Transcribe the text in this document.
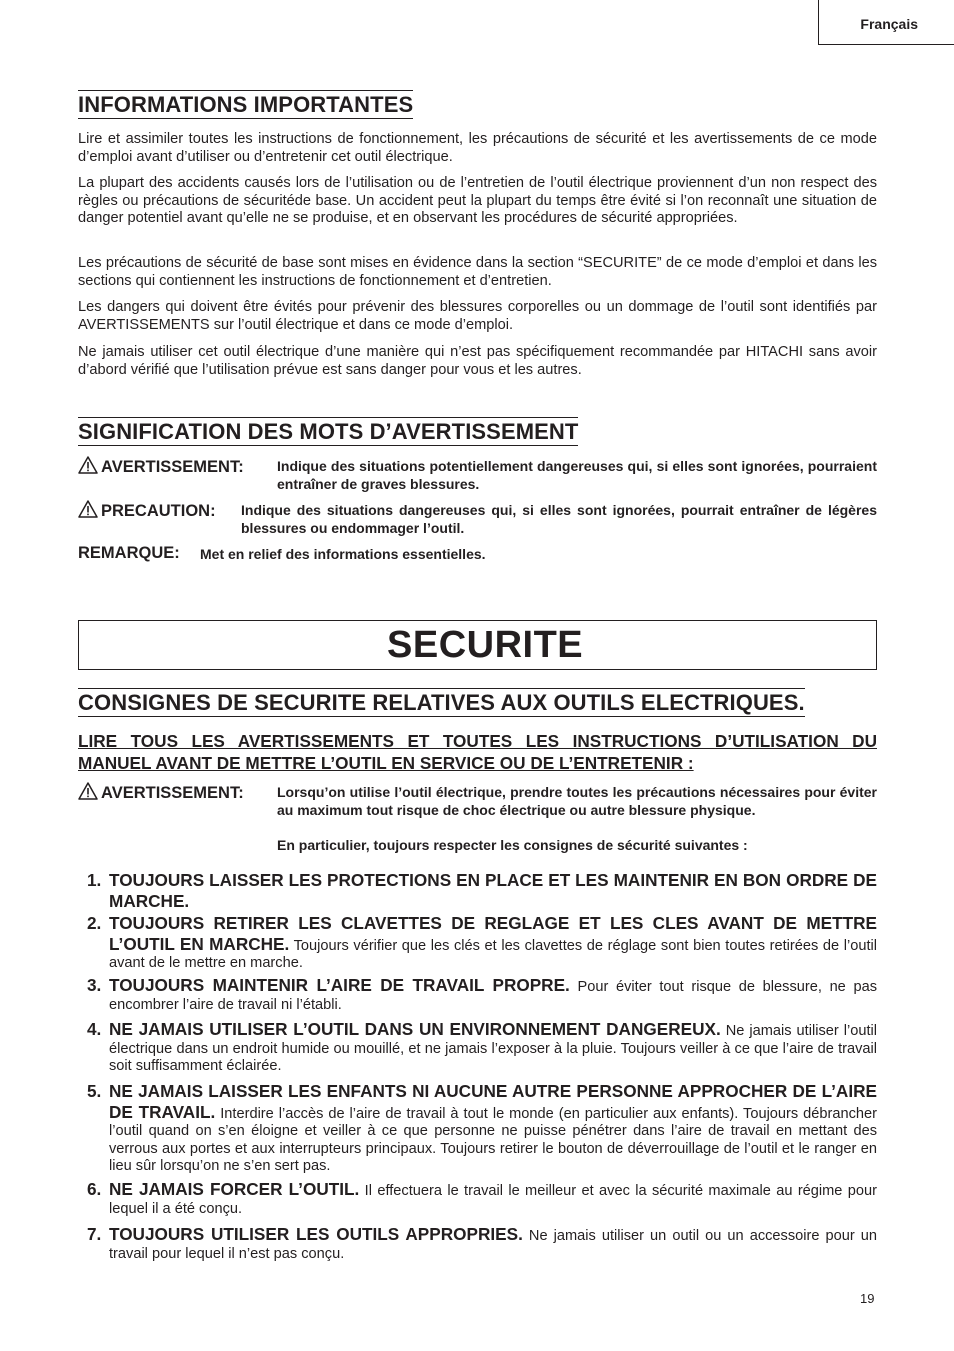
Français
INFORMATIONS IMPORTANTES
Lire et assimiler toutes les instructions de fonctionnement, les précautions de sécurité et les avertissements de ce mode d’emploi avant d’utiliser ou d’entretenir cet outil électrique.
La plupart des accidents causés lors de l’utilisation ou de l’entretien de l’outil électrique proviennent d’un non respect des règles ou précautions de sécuritéde base. Un accident peut la plupart du temps être évité si l’on reconnaît une situation de danger potentiel avant qu’elle ne se produise, et en observant les procédures de sécurité appropriées.
Les précautions de sécurité de base sont mises en évidence dans la section “SECURITE” de ce mode d’emploi et dans les sections qui contiennent les instructions de fonctionnement et d’entretien.
Les dangers qui doivent être évités pour prévenir des blessures corporelles ou un dommage de l’outil sont identifiés par AVERTISSEMENTS sur l’outil électrique et dans ce mode d’emploi.
Ne jamais utiliser cet outil électrique d’une manière qui n’est pas spécifiquement recommandée par HITACHI sans avoir d’abord vérifié que l’utilisation prévue est sans danger pour vous et les autres.
SIGNIFICATION DES MOTS D’AVERTISSEMENT
AVERTISSEMENT: Indique des situations potentiellement dangereuses qui, si elles sont ignorées, pourraient entraîner de graves blessures.
PRECAUTION: Indique des situations dangereuses qui, si elles sont ignorées, pourrait entraîner de légères blessures ou endommager l’outil.
REMARQUE: Met en relief des informations essentielles.
CONSIGNES DE SECURITE RELATIVES AUX OUTILS ELECTRIQUES.
LIRE TOUS LES AVERTISSEMENTS ET TOUTES LES INSTRUCTIONS D’UTILISATION DU
MANUEL AVANT DE METTRE L’OUTIL EN SERVICE OU DE L’ENTRETENIR :
AVERTISSEMENT: Lorsqu’on utilise l’outil électrique, prendre toutes les précautions nécessaires pour éviter au maximum tout risque de choc électrique ou autre blessure physique.
En particulier, toujours respecter les consignes de sécurité suivantes :
1. TOUJOURS LAISSER LES PROTECTIONS EN PLACE ET LES MAINTENIR EN BON ORDRE DE MARCHE.
2. TOUJOURS RETIRER LES CLAVETTES DE REGLAGE ET LES CLES AVANT DE METTRE L’OUTIL EN MARCHE. Toujours vérifier que les clés et les clavettes de réglage sont bien toutes retirées de l’outil avant de le mettre en marche.
3. TOUJOURS MAINTENIR L’AIRE DE TRAVAIL PROPRE. Pour éviter tout risque de blessure, ne pas encombrer l’aire de travail ni l’établi.
4. NE JAMAIS UTILISER L’OUTIL DANS UN ENVIRONNEMENT DANGEREUX. Ne jamais utiliser l’outil électrique dans un endroit humide ou mouillé, et ne jamais l’exposer à la pluie. Toujours veiller à ce que l’aire de travail soit suffisamment éclairée.
5. NE JAMAIS LAISSER LES ENFANTS NI AUCUNE AUTRE PERSONNE APPROCHER DE L’AIRE DE TRAVAIL. Interdire l’accès de l’aire de travail à tout le monde (en particulier aux enfants). Toujours débrancher l’outil quand on s’en éloigne et veiller à ce que personne ne puisse pénétrer dans l’aire de travail en mettant des verrous aux portes et aux interrupteurs principaux. Toujours retirer le bouton de déverrouillage de l’outil et le ranger en lieu sûr lorsqu’on ne s’en sert pas.
6. NE JAMAIS FORCER L’OUTIL. Il effectuera le travail le meilleur et avec la sécurité maximale au régime pour lequel il a été conçu.
7. TOUJOURS UTILISER LES OUTILS APPROPRIES. Ne jamais utiliser un outil ou un accessoire pour un travail pour lequel il n’est pas conçu.
SECURITE
19
